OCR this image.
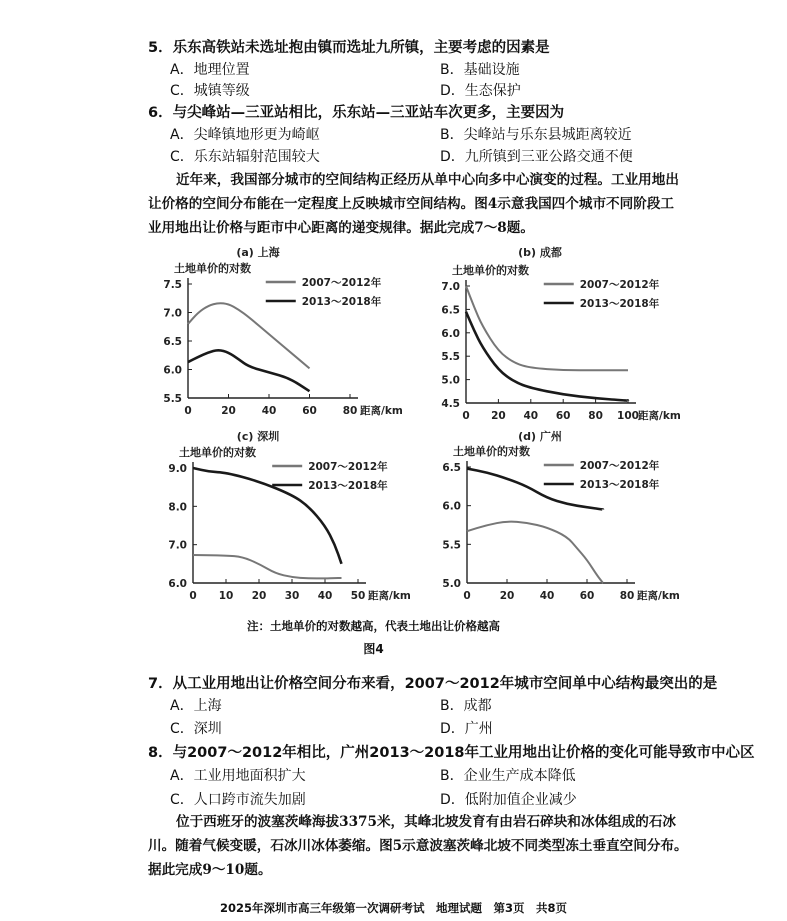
5．乐东高铁站未选址抱由镇而选址九所镇，主要考虑的因素是
A．地理位置	B．基础设施
C．城镇等级	D．生态保护
6．与尖峰站—三亚站相比，乐东站—三亚站车次更多，主要因为
A．尖峰镇地形更为崎岖	B．尖峰站与乐东县城距离较近
C．乐东站辐射范围较大	D．九所镇到三亚公路交通不便
近年来，我国部分城市的空间结构正经历从单中心向多中心演变的过程。工业用地出
让价格的空间分布能在一定程度上反映城市空间结构。图4示意我国四个城市不同阶段工
业用地出让价格与距市中心距离的递变规律。据此完成7～8题。
(a) 上海
土地单价的对数
5.5
6.0
6.5
7.0
7.5
0	20 40 60 80 距离/km
2007～2012年
2013～2018年
(b) 成都
土地单价的对数
4.5
5.0
5.5
6.0
6.5
7.0
0 20 40 60 80 100 距离/km
2007～2012年
2013～2018年
(c) 深圳
土地单价的对数
6.0
7.0
8.0
9.0
0 10 20 30 40 50 距离/km
2007～2012年
2013～2018年
(d) 广州
土地单价的对数
5.0
5.5
6.0
6.5
0	20 40 60 80 距离/km
2007～2012年
2013～2018年
注：土地单价的对数越高，代表土地出让价格越高
图4
7．从工业用地出让价格空间分布来看，2007～2012年城市空间单中心结构最突出的是
A．上海	B．成都
C．深圳	D．广州
8．与2007～2012年相比，广州2013～2018年工业用地出让价格的变化可能导致市中心区
A．工业用地面积扩大	B．企业生产成本降低
C．人口跨市流失加剧	D．低附加值企业减少
位于西班牙的波塞茨峰海拔3375米，其峰北坡发育有由岩石碎块和冰体组成的石冰
川。随着气候变暖，石冰川冰体萎缩。图5示意波塞茨峰北坡不同类型冻土垂直空间分布。
据此完成9～10题。
2025年深圳市高三年级第一次调研考试　地理试题　第3页　共8页
